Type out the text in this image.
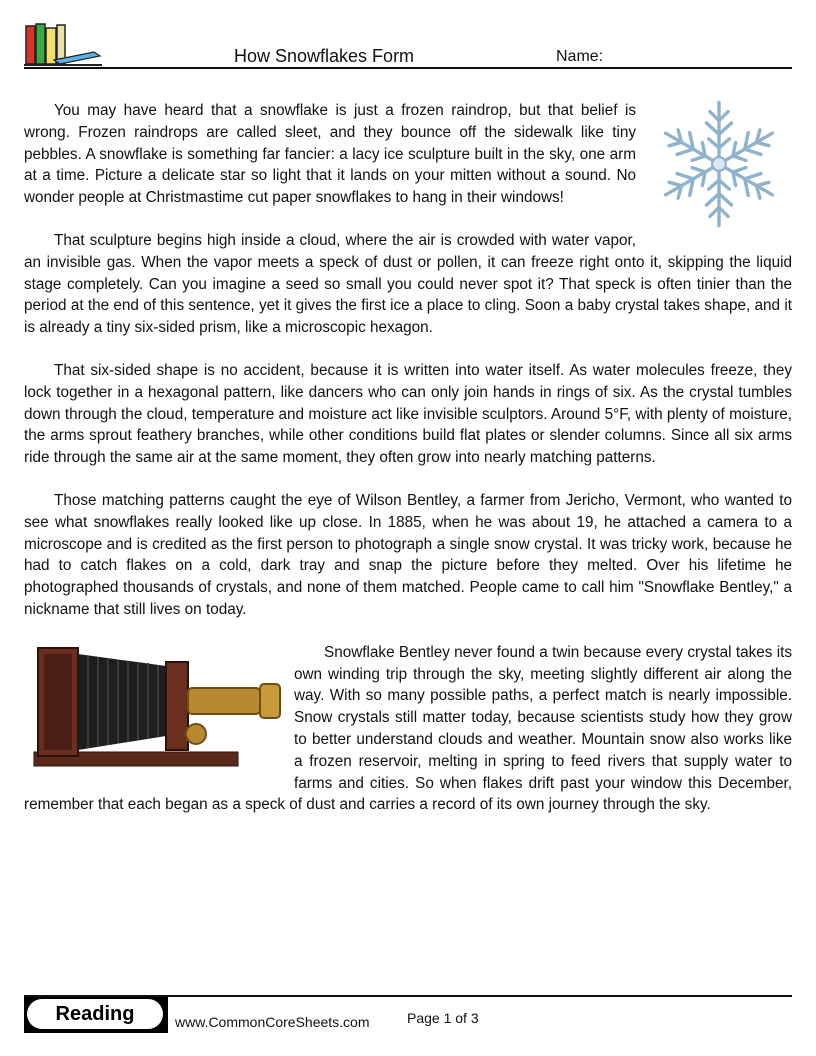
How Snowflakes Form	Name:

You may have heard that a snowflake is just a frozen raindrop, but that belief is wrong. Frozen raindrops are called sleet, and they bounce off the sidewalk like tiny pebbles. A snowflake is something far fancier: a lacy ice sculpture built in the sky, one arm at a time. Picture a delicate star so light that it lands on your mitten without a sound. No wonder people at Christmastime cut paper snowflakes to hang in their windows!

That sculpture begins high inside a cloud, where the air is crowded with water vapor, an invisible gas. When the vapor meets a speck of dust or pollen, it can freeze right onto it, skipping the liquid stage completely. Can you imagine a seed so small you could never spot it? That speck is often tinier than the period at the end of this sentence, yet it gives the first ice a place to cling. Soon a baby crystal takes shape, and it is already a tiny six-sided prism, like a microscopic hexagon.

That six-sided shape is no accident, because it is written into water itself. As water molecules freeze, they lock together in a hexagonal pattern, like dancers who can only join hands in rings of six. As the crystal tumbles down through the cloud, temperature and moisture act like invisible sculptors. Around 5°F, with plenty of moisture, the arms sprout feathery branches, while other conditions build flat plates or slender columns. Since all six arms ride through the same air at the same moment, they often grow into nearly matching patterns.

Those matching patterns caught the eye of Wilson Bentley, a farmer from Jericho, Vermont, who wanted to see what snowflakes really looked like up close. In 1885, when he was about 19, he attached a camera to a microscope and is credited as the first person to photograph a single snow crystal. It was tricky work, because he had to catch flakes on a cold, dark tray and snap the picture before they melted. Over his lifetime he photographed thousands of crystals, and none of them matched. People came to call him "Snowflake Bentley," a nickname that still lives on today.

Snowflake Bentley never found a twin because every crystal takes its own winding trip through the sky, meeting slightly different air along the way. With so many possible paths, a perfect match is nearly impossible. Snow crystals still matter today, because scientists study how they grow to better understand clouds and weather. Mountain snow also works like a frozen reservoir, melting in spring to feed rivers that supply water to farms and cities. So when flakes drift past your window this December, remember that each began as a speck of dust and carries a record of its own journey through the sky.

Reading	www.CommonCoreSheets.com	Page 1 of 3
